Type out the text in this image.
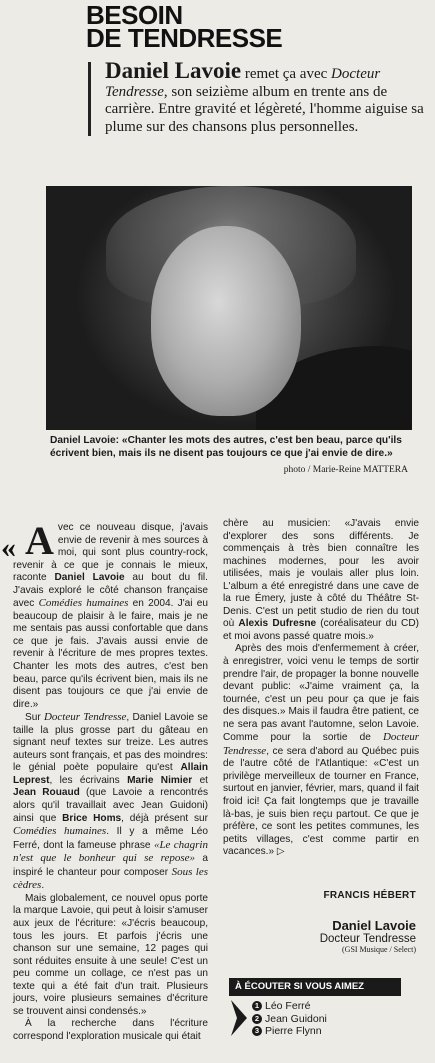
BESOIN
DE TENDRESSE
Daniel Lavoie remet ça avec Docteur Tendresse, son seizième album en trente ans de carrière. Entre gravité et légèreté, l'homme aiguise sa plume sur des chansons plus personnelles.
Daniel Lavoie: «Chanter les mots des autres, c'est ben beau, parce qu'ils écrivent bien, mais ils ne disent pas toujours ce que j'ai envie de dire.»
photo / Marie-Reine MATTERA
« Avec ce nouveau disque, j'avais envie de revenir à mes sources à moi, qui sont plus country-rock, revenir à ce que je connais le mieux, raconte Daniel Lavoie au bout du fil. J'avais exploré le côté chanson française avec Comédies humaines en 2004. J'ai eu beaucoup de plaisir à le faire, mais je ne me sentais pas aussi confortable que dans ce que je fais. J'avais aussi envie de revenir à l'écriture de mes propres textes. Chanter les mots des autres, c'est ben beau, parce qu'ils écrivent bien, mais ils ne disent pas toujours ce que j'ai envie de dire.»

Sur Docteur Tendresse, Daniel Lavoie se taille la plus grosse part du gâteau en signant neuf textes sur treize. Les autres auteurs sont français, et pas des moindres: le génial poète populaire qu'est Allain Leprest, les écrivains Marie Nimier et Jean Rouaud (que Lavoie a rencontrés alors qu'il travaillait avec Jean Guidoni) ainsi que Brice Homs, déjà présent sur Comédies humaines. Il y a même Léo Ferré, dont la fameuse phrase «Le chagrin n'est que le bonheur qui se repose» a inspiré le chanteur pour composer Sous les cèdres.

Mais globalement, ce nouvel opus porte la marque Lavoie, qui peut à loisir s'amuser aux jeux de l'écriture: «J'écris beaucoup, tous les jours. Et parfois j'écris une chanson sur une semaine, 12 pages qui sont réduites ensuite à une seule! C'est un peu comme un collage, ce n'est pas un texte qui a été fait d'un trait. Plusieurs jours, voire plusieurs semaines d'écriture se trouvent ainsi condensés.»

À la recherche dans l'écriture correspond l'exploration musicale qui était

chère au musicien: «J'avais envie d'explorer des sons différents. Je commençais à très bien connaître les machines modernes, pour les avoir utilisées, mais je voulais aller plus loin. L'album a été enregistré dans une cave de la rue Émery, juste à côté du Théâtre St-Denis. C'est un petit studio de rien du tout où Alexis Dufresne (coréalisateur du CD) et moi avons passé quatre mois.»

Après des mois d'enfermement à créer, à enregistrer, voici venu le temps de sortir prendre l'air, de propager la bonne nouvelle devant public: «J'aime vraiment ça, la tournée, c'est un peu pour ça que je fais des disques.» Mais il faudra être patient, ce ne sera pas avant l'automne, selon Lavoie. Comme pour la sortie de Docteur Tendresse, ce sera d'abord au Québec puis de l'autre côté de l'Atlantique: «C'est un privilège merveilleux de tourner en France, surtout en janvier, février, mars, quand il fait froid ici! Ça fait longtemps que je travaille là-bas, je suis bien reçu partout. Ce que je préfère, ce sont les petites communes, les petits villages, c'est comme partir en vacances.» ▷

FRANCIS HÉBERT
Daniel Lavoie
Docteur Tendresse
(GSI Musique / Select)
À ÉCOUTER SI VOUS AIMEZ
1 Léo Ferré
2 Jean Guidoni
3 Pierre Flynn
